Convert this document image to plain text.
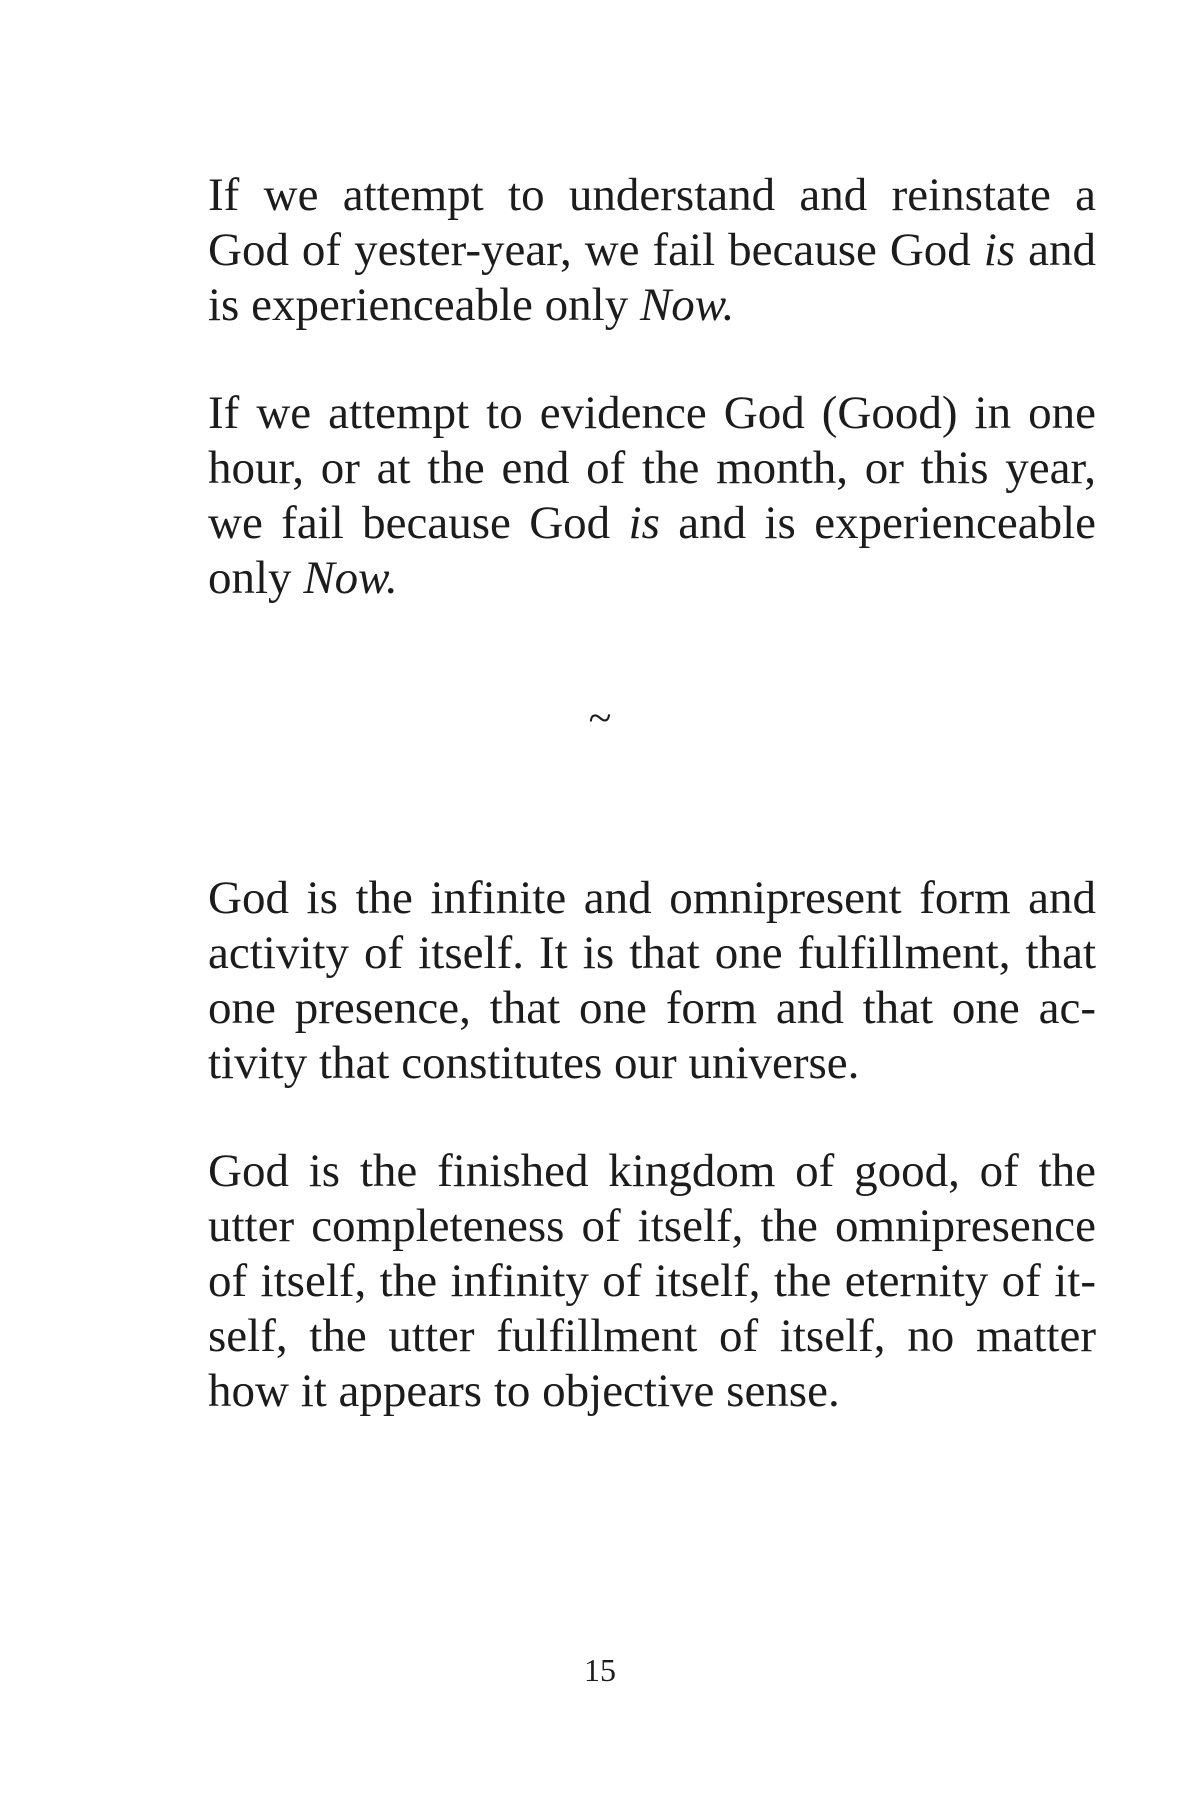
If we attempt to understand and reinstate a God of yester-year, we fail because God is and is experienceable only Now.

If we attempt to evidence God (Good) in one hour, or at the end of the month, or this year, we fail because God is and is experienceable only Now.

~

God is the infinite and omnipresent form and activity of itself. It is that one fulfillment, that one presence, that one form and that one activity that constitutes our universe.

God is the finished kingdom of good, of the utter completeness of itself, the omnipresence of itself, the infinity of itself, the eternity of itself, the utter fulfillment of itself, no matter how it appears to objective sense.

15
